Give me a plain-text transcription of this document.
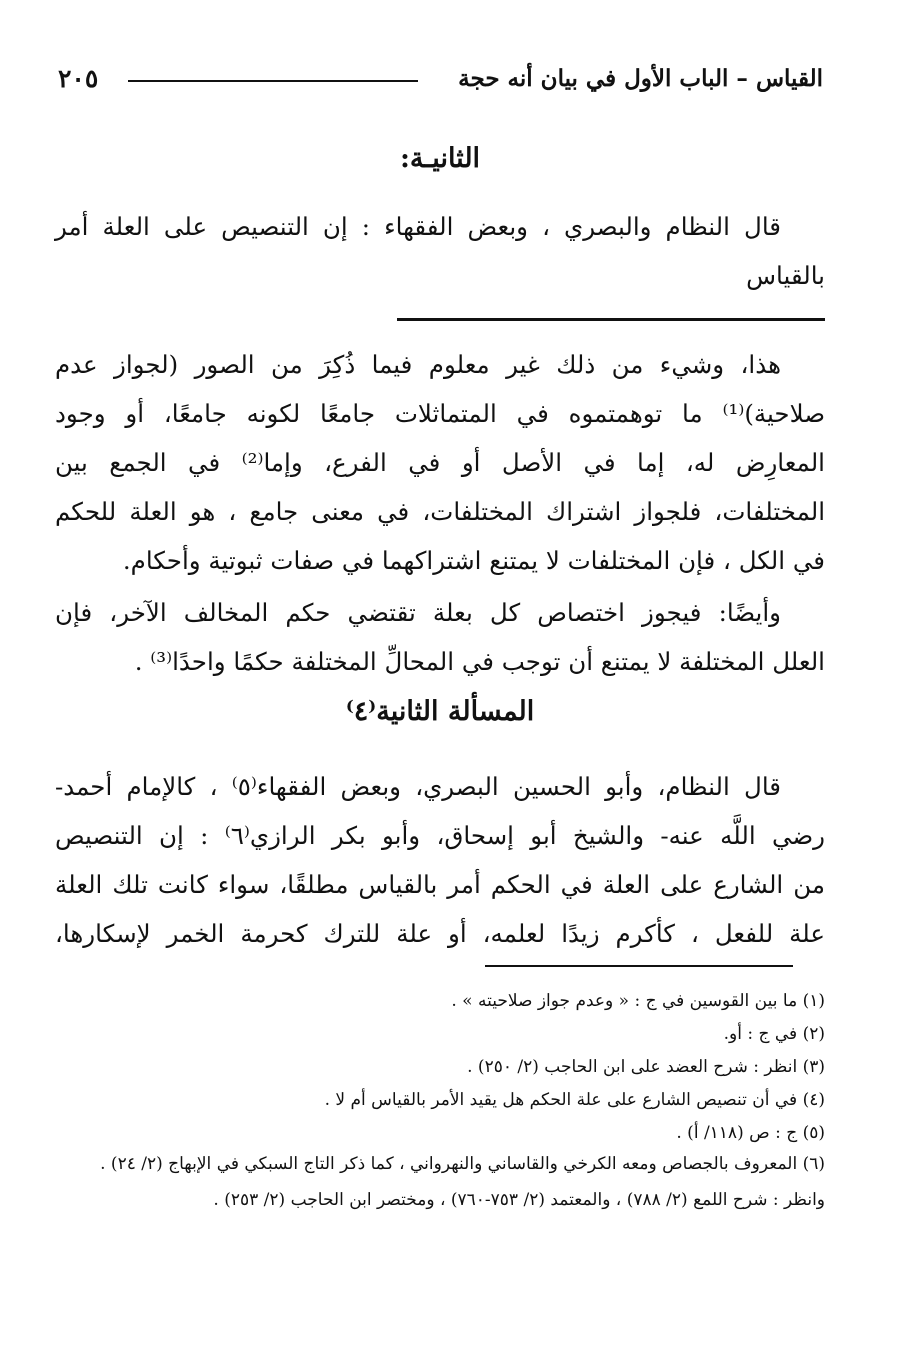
القياس – الباب الأول في بيان أنه حجة
٢٠٥
الثانيـة:
قال النظام والبصري ، وبعض الفقهاء : إن التنصيص على العلة أمر
بالقياس
هذا، وشيء من ذلك غير معلوم فيما ذُكِرَ من الصور (لجواز عدم
صلاحية)⁽¹⁾ ما توهمتموه في المتماثلات جامعًا لكونه جامعًا، أو وجود
المعارِض له، إما في الأصل أو في الفرع، وإما⁽²⁾ في الجمع بين
المختلفات، فلجواز اشتراك المختلفات، في معنى جامع ، هو العلة للحكم
في الكل ، فإن المختلفات لا يمتنع اشتراكهما في صفات ثبوتية وأحكام.
وأيضًا: فيجوز اختصاص كل بعلة تقتضي حكم المخالف الآخر، فإن
العلل المختلفة لا يمتنع أن توجب في المحالِّ المختلفة حكمًا واحدًا⁽³⁾ .
المسألة الثانية⁽٤⁾
قال النظام، وأبو الحسين البصري، وبعض الفقهاء⁽٥⁾ ، كالإمام أحمد-
رضي اللَّه عنه- والشيخ أبو إسحاق، وأبو بكر الرازي⁽٦⁾ : إن التنصيص
من الشارع على العلة في الحكم أمر بالقياس مطلقًا، سواء كانت تلك العلة
علة للفعل ، كأكرم زيدًا لعلمه، أو علة للترك كحرمة الخمر لإسكارها،

(١) ما بين القوسين في ج : « وعدم جواز صلاحيته » .

(٢) في ج : أو.

(٣) انظر : شرح العضد على ابن الحاجب (٢/ ٢٥٠) .

(٤) في أن تنصيص الشارع على علة الحكم هل يقيد الأمر بالقياس أم لا .

(٥) ج : ص (١١٨/ أ) .

(٦) المعروف بالجصاص ومعه الكرخي والقاساني والنهرواني ، كما ذكر التاج السبكي في الإبهاج (٢/ ٢٤) .

وانظر : شرح اللمع (٢/ ٧٨٨) ، والمعتمد (٢/ ٧٥٣-٧٦٠) ، ومختصر ابن الحاجب (٢/ ٢٥٣) .
